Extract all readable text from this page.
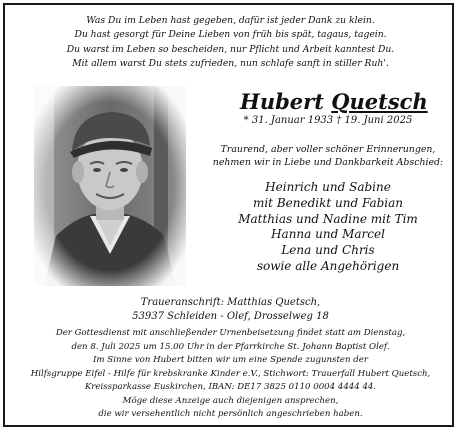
Was Du im Leben hast gegeben, dafür ist jeder Dank zu klein.
Du hast gesorgt für Deine Lieben von früh bis spät, tagaus, tagein.
Du warst im Leben so bescheiden, nur Pflicht und Arbeit kanntest Du.
Mit allem warst Du stets zufrieden, nun schlafe sanft in stiller Ruh'.
Hubert Quetsch
* 31. Januar 1933 † 19. Juni 2025
Traurend, aber voller schöner Erinnerungen,
nehmen wir in Liebe und Dankbarkeit Abschied:
Heinrich und Sabine
mit Benedikt und Fabian
Matthias und Nadine mit Tim
Hanna und Marcel
Lena und Chris
sowie alle Angehörigen
Traueranschrift: Matthias Quetsch,
53937 Schleiden - Olef, Drosselweg 18
Der Gottesdienst mit anschließender Urnenbeisetzung findet statt am Dienstag,
den 8. Juli 2025 um 15.00 Uhr in der Pfarrkirche St. Johann Baptist Olef.
Im Sinne von Hubert bitten wir um eine Spende zugunsten der
Hilfsgruppe Eifel - Hilfe für krebskranke Kinder e.V., Stichwort: Trauerfall Hubert Quetsch,
Kreissparkasse Euskirchen, IBAN: DE17 3825 0110 0004 4444 44.
Möge diese Anzeige auch diejenigen ansprechen,
die wir versehentlich nicht persönlich angeschrieben haben.
